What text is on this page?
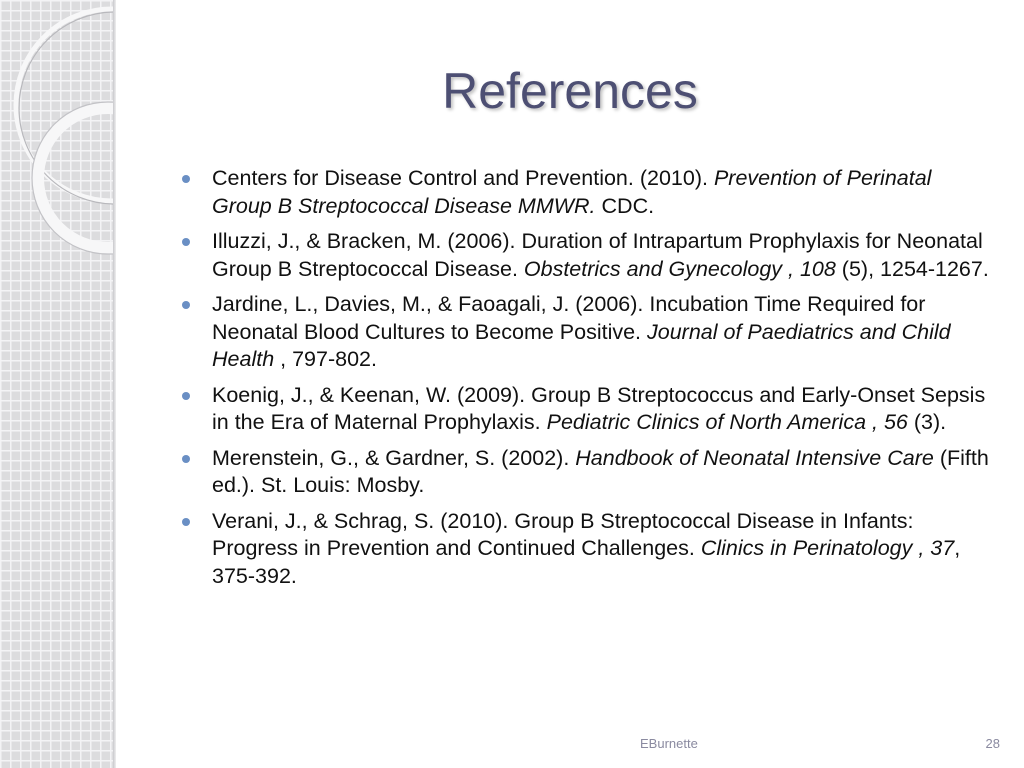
References
Centers for Disease Control and Prevention. (2010). Prevention of Perinatal Group B Streptococcal Disease MMWR. CDC.
Illuzzi, J., & Bracken, M. (2006). Duration of Intrapartum Prophylaxis for Neonatal Group B Streptococcal Disease. Obstetrics and Gynecology , 108 (5), 1254-1267.
Jardine, L., Davies, M., & Faoagali, J. (2006). Incubation Time Required for Neonatal Blood Cultures to Become Positive. Journal of Paediatrics and Child Health , 797-802.
Koenig, J., & Keenan, W. (2009). Group B Streptococcus and Early-Onset Sepsis in the Era of Maternal Prophylaxis. Pediatric Clinics of North America , 56 (3).
Merenstein, G., & Gardner, S. (2002). Handbook of Neonatal Intensive Care (Fifth ed.). St. Louis: Mosby.
Verani, J., & Schrag, S. (2010). Group B Streptococcal Disease in Infants: Progress in Prevention and Continued Challenges. Clinics in Perinatology , 37, 375-392.
EBurnette	28
